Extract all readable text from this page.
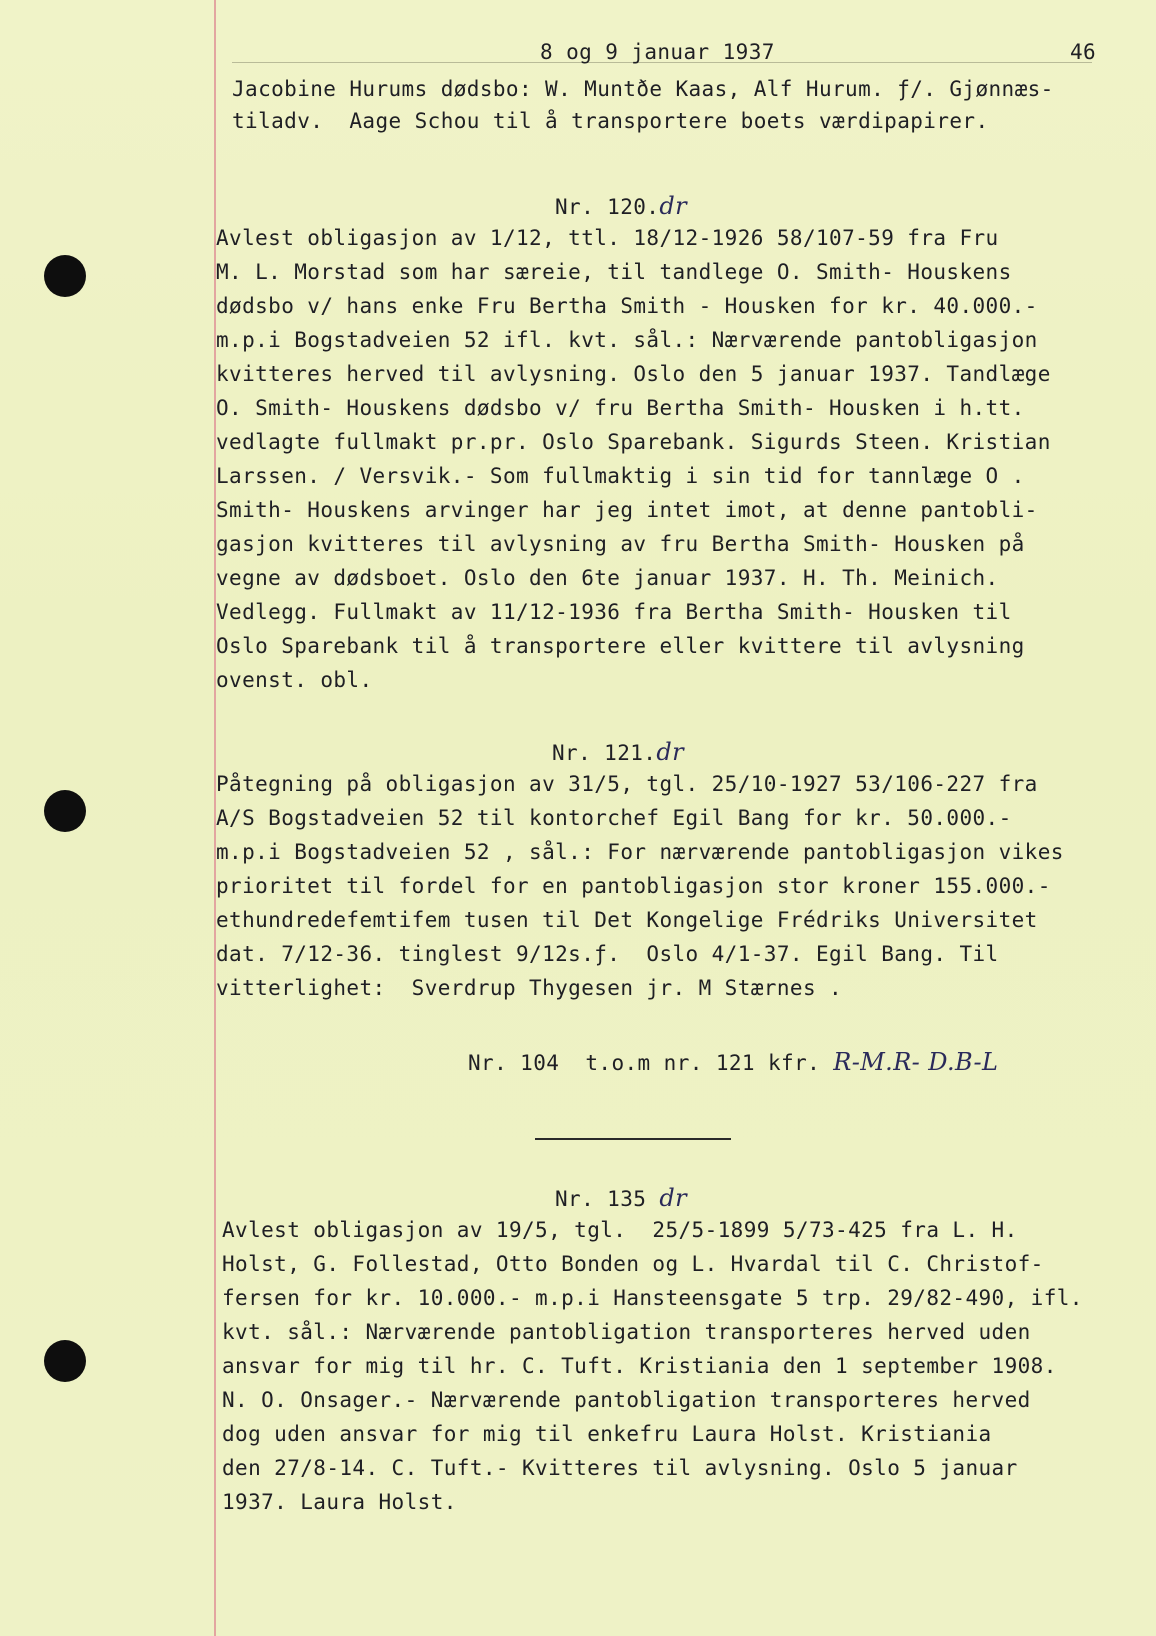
8 og 9 januar 1937	46
Jacobine Hurums dødsbo: W. Muntðe Kaas, Alf Hurum. ƒ/. Gjønnæs-
tiladv.  Aage Schou til å transportere boets værdipapirer.
Nr. 120.dr
Avlest obligasjon av 1/12, ttl. 18/12-1926 58/107-59 fra Fru
M. L. Morstad som har særeie, til tandlege O. Smith- Houskens
dødsbo v/ hans enke Fru Bertha Smith - Housken for kr. 40.000.-
m.p.i Bogstadveien 52 ifl. kvt. sål.: Nærværende pantobligasjon
kvitteres herved til avlysning. Oslo den 5 januar 1937. Tandlæge
O. Smith- Houskens dødsbo v/ fru Bertha Smith- Housken i h.tt.
vedlagte fullmakt pr.pr. Oslo Sparebank. Sigurds Steen. Kristian
Larssen. / Versvik.- Som fullmaktig i sin tid for tannlæge O .
Smith- Houskens arvinger har jeg intet imot, at denne pantobli-
gasjon kvitteres til avlysning av fru Bertha Smith- Housken på
vegne av dødsboet. Oslo den 6te januar 1937. H. Th. Meinich.
Vedlegg. Fullmakt av 11/12-1936 fra Bertha Smith- Housken til
Oslo Sparebank til å transportere eller kvittere til avlysning
ovenst. obl.
Nr. 121.dr
Påtegning på obligasjon av 31/5, tgl. 25/10-1927 53/106-227 fra
A/S Bogstadveien 52 til kontorchef Egil Bang for kr. 50.000.-
m.p.i Bogstadveien 52 , sål.: For nærværende pantobligasjon vikes
prioritet til fordel for en pantobligasjon stor kroner 155.000.-
ethundredefemtifem tusen til Det Kongelige Frédriks Universitet
dat. 7/12-36. tinglest 9/12s.ƒ.  Oslo 4/1-37. Egil Bang. Til
vitterlighet:  Sverdrup Thygesen jr. M Stærnes .
Nr. 104  t.o.m nr. 121 kfr. R-M.R- D.B-L
Nr. 135 dr
Avlest obligasjon av 19/5, tgl.  25/5-1899 5/73-425 fra L. H.
Holst, G. Follestad, Otto Bonden og L. Hvardal til C. Christof-
fersen for kr. 10.000.- m.p.i Hansteensgate 5 trp. 29/82-490, ifl.
kvt. sål.: Nærværende pantobligation transporteres herved uden
ansvar for mig til hr. C. Tuft. Kristiania den 1 september 1908.
N. O. Onsager.- Nærværende pantobligation transporteres herved
dog uden ansvar for mig til enkefru Laura Holst. Kristiania
den 27/8-14. C. Tuft.- Kvitteres til avlysning. Oslo 5 januar
1937. Laura Holst.
